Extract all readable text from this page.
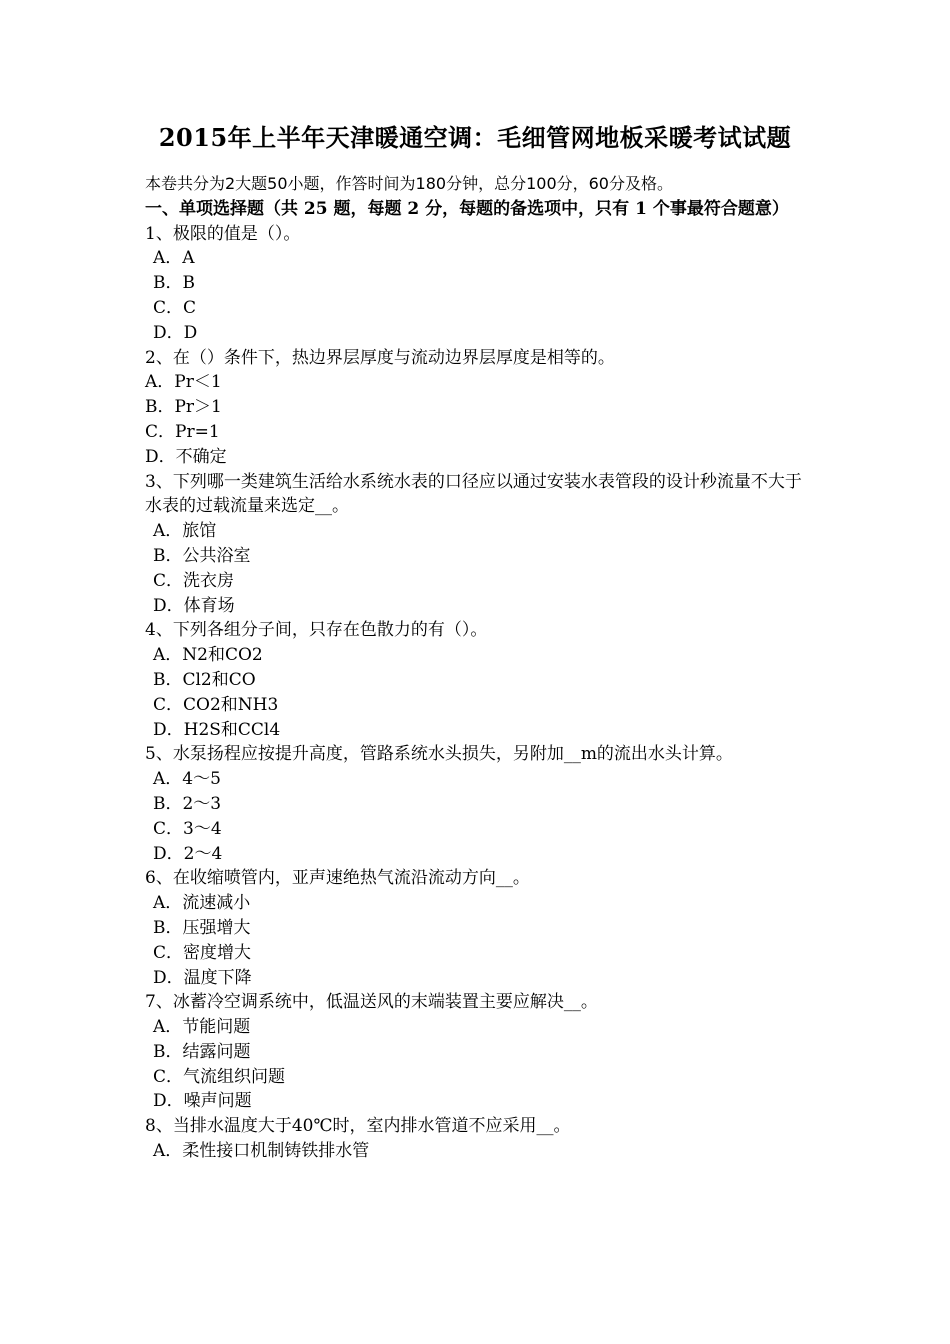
2015年上半年天津暖通空调：毛细管网地板采暖考试试题
本卷共分为2大题50小题，作答时间为180分钟，总分100分，60分及格。
一、单项选择题（共 25 题，每题 2 分，每题的备选项中，只有 1 个事最符合题意）
1、极限的值是（）。
A．A
B．B
C．C
D．D
2、在（）条件下，热边界层厚度与流动边界层厚度是相等的。
A．Pr＜1
B．Pr＞1
C．Pr=1
D．不确定
3、下列哪一类建筑生活给水系统水表的口径应以通过安装水表管段的设计秒流量不大于水表的过载流量来选定__。
A．旅馆
B．公共浴室
C．洗衣房
D．体育场
4、下列各组分子间，只存在色散力的有（）。
A．N2和CO2
B．Cl2和CO
C．CO2和NH3
D．H2S和CCl4
5、水泵扬程应按提升高度，管路系统水头损失，另附加__m的流出水头计算。
A．4～5
B．2～3
C．3～4
D．2～4
6、在收缩喷管内，亚声速绝热气流沿流动方向__。
A．流速减小
B．压强增大
C．密度增大
D．温度下降
7、冰蓄冷空调系统中，低温送风的末端装置主要应解决__。
A．节能问题
B．结露问题
C．气流组织问题
D．噪声问题
8、当排水温度大于40℃时，室内排水管道不应采用__。
A．柔性接口机制铸铁排水管
